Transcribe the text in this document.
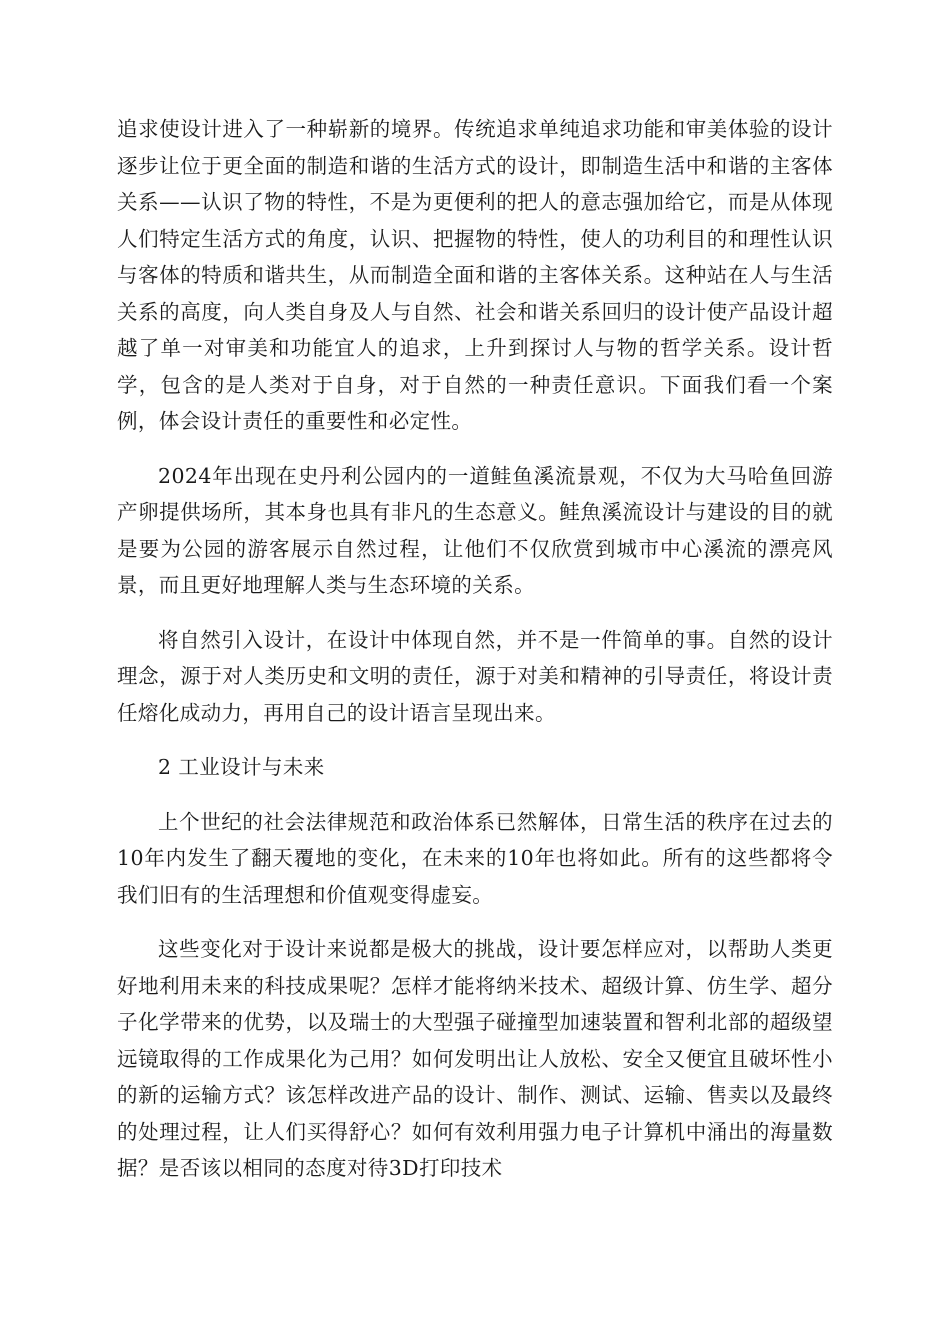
追求使设计进入了一种崭新的境界。传统追求单纯追求功能和审美体验的设计逐步让位于更全面的制造和谐的生活方式的设计，即制造生活中和谐的主客体关系——认识了物的特性，不是为更便利的把人的意志强加给它，而是从体现人们特定生活方式的角度，认识、把握物的特性，使人的功利目的和理性认识与客体的特质和谐共生，从而制造全面和谐的主客体关系。这种站在人与生活关系的高度，向人类自身及人与自然、社会和谐关系回归的设计使产品设计超越了单一对审美和功能宜人的追求，上升到探讨人与物的哲学关系。设计哲学，包含的是人类对于自身，对于自然的一种责任意识。下面我们看一个案例，体会设计责任的重要性和必定性。

2024年出现在史丹利公园内的一道鲑鱼溪流景观，不仅为大马哈鱼回游产卵提供场所，其本身也具有非凡的生态意义。鲑魚溪流设计与建设的目的就是要为公园的游客展示自然过程，让他们不仅欣赏到城市中心溪流的漂亮风景，而且更好地理解人类与生态环境的关系。

将自然引入设计，在设计中体现自然，并不是一件简单的事。自然的设计理念，源于对人类历史和文明的责任，源于对美和精神的引导责任，将设计责任熔化成动力，再用自己的设计语言呈现出来。

2 工业设计与未来

上个世纪的社会法律规范和政治体系已然解体，日常生活的秩序在过去的10年内发生了翻天覆地的变化，在未来的10年也将如此。所有的这些都将令我们旧有的生活理想和价值观变得虚妄。

这些变化对于设计来说都是极大的挑战，设计要怎样应对，以帮助人类更好地利用未来的科技成果呢？怎样才能将纳米技术、超级计算、仿生学、超分子化学带来的优势，以及瑞士的大型强子碰撞型加速装置和智利北部的超级望远镜取得的工作成果化为己用？如何发明出让人放松、安全又便宜且破坏性小的新的运输方式？该怎样改进产品的设计、制作、测试、运输、售卖以及最终的处理过程，让人们买得舒心？如何有效利用强力电子计算机中涌出的海量数据？是否该以相同的态度对待3D打印技术
